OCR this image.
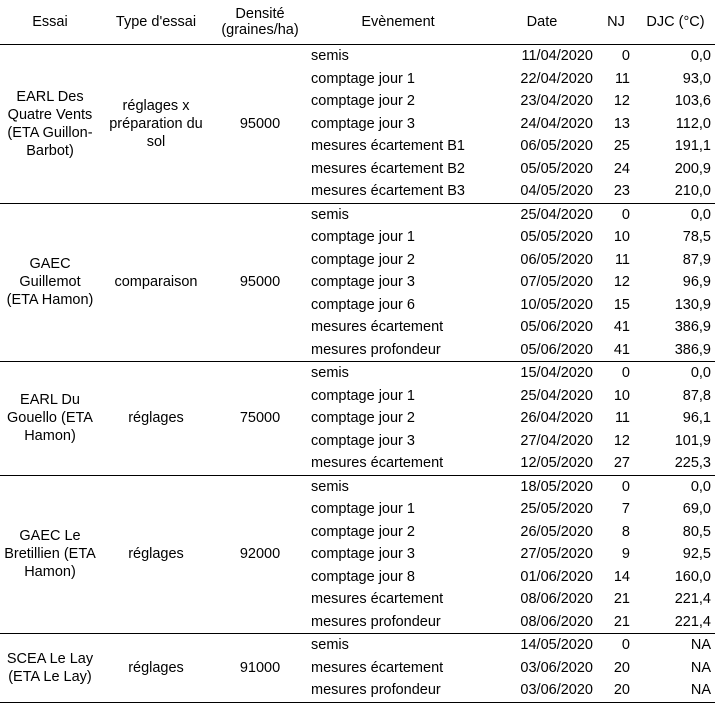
Essai	Type d'essai	Densité (graines/ha)	Evènement	Date	NJ	DJC (°C)
EARL Des Quatre Vents (ETA Guillon-Barbot)	réglages x préparation du sol	95000	semis	11/04/2020	0	0,0
			comptage jour 1	22/04/2020	11	93,0
			comptage jour 2	23/04/2020	12	103,6
			comptage jour 3	24/04/2020	13	112,0
			mesures écartement B1	06/05/2020	25	191,1
			mesures écartement B2	05/05/2020	24	200,9
			mesures écartement B3	04/05/2020	23	210,0
GAEC Guillemot (ETA Hamon)	comparaison	95000	semis	25/04/2020	0	0,0
			comptage jour 1	05/05/2020	10	78,5
			comptage jour 2	06/05/2020	11	87,9
			comptage jour 3	07/05/2020	12	96,9
			comptage jour 6	10/05/2020	15	130,9
			mesures écartement	05/06/2020	41	386,9
			mesures profondeur	05/06/2020	41	386,9
EARL Du Gouello (ETA Hamon)	réglages	75000	semis	15/04/2020	0	0,0
			comptage jour 1	25/04/2020	10	87,8
			comptage jour 2	26/04/2020	11	96,1
			comptage jour 3	27/04/2020	12	101,9
			mesures écartement	12/05/2020	27	225,3
GAEC Le Bretillien (ETA Hamon)	réglages	92000	semis	18/05/2020	0	0,0
			comptage jour 1	25/05/2020	7	69,0
			comptage jour 2	26/05/2020	8	80,5
			comptage jour 3	27/05/2020	9	92,5
			comptage jour 8	01/06/2020	14	160,0
			mesures écartement	08/06/2020	21	221,4
			mesures profondeur	08/06/2020	21	221,4
SCEA Le Lay (ETA Le Lay)	réglages	91000	semis	14/05/2020	0	NA
			mesures écartement	03/06/2020	20	NA
			mesures profondeur	03/06/2020	20	NA
